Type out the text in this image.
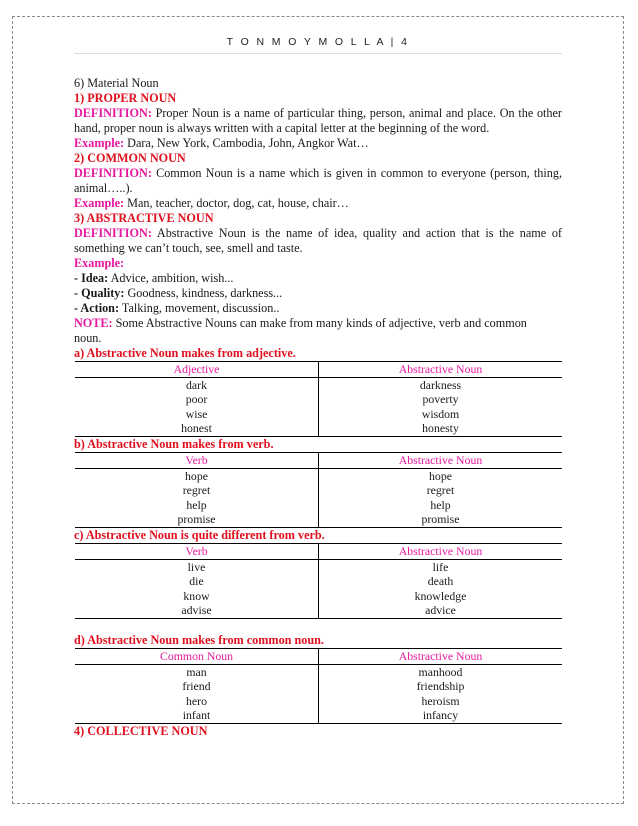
T O N M O Y M O L L A | 4
6) Material Noun
1) PROPER NOUN
DEFINITION: Proper Noun is a name of particular thing, person, animal and place. On the other hand, proper noun is always written with a capital letter at the beginning of the word.
Example: Dara, New York, Cambodia, John, Angkor Wat…
2) COMMON NOUN
DEFINITION: Common Noun is a name which is given in common to everyone (person, thing, animal…..).
Example: Man, teacher, doctor, dog, cat, house, chair…
3) ABSTRACTIVE NOUN
DEFINITION: Abstractive Noun is the name of idea, quality and action that is the name of something we can’t touch, see, smell and taste.
Example:
- Idea: Advice, ambition, wish...
- Quality: Goodness, kindness, darkness...
- Action: Talking, movement, discussion..
NOTE: Some Abstractive Nouns can make from many kinds of adjective, verb and common noun.
a) Abstractive Noun makes from adjective.
Adjective	Abstractive Noun
dark	darkness
poor	poverty
wise	wisdom
honest	honesty
b) Abstractive Noun makes from verb.
Verb	Abstractive Noun
hope	hope
regret	regret
help	help
promise	promise
c) Abstractive Noun is quite different from verb.
Verb	Abstractive Noun
live	life
die	death
know	knowledge
advise	advice
d) Abstractive Noun makes from common noun.
Common Noun	Abstractive Noun
man	manhood
friend	friendship
hero	heroism
infant	infancy
4) COLLECTIVE NOUN
